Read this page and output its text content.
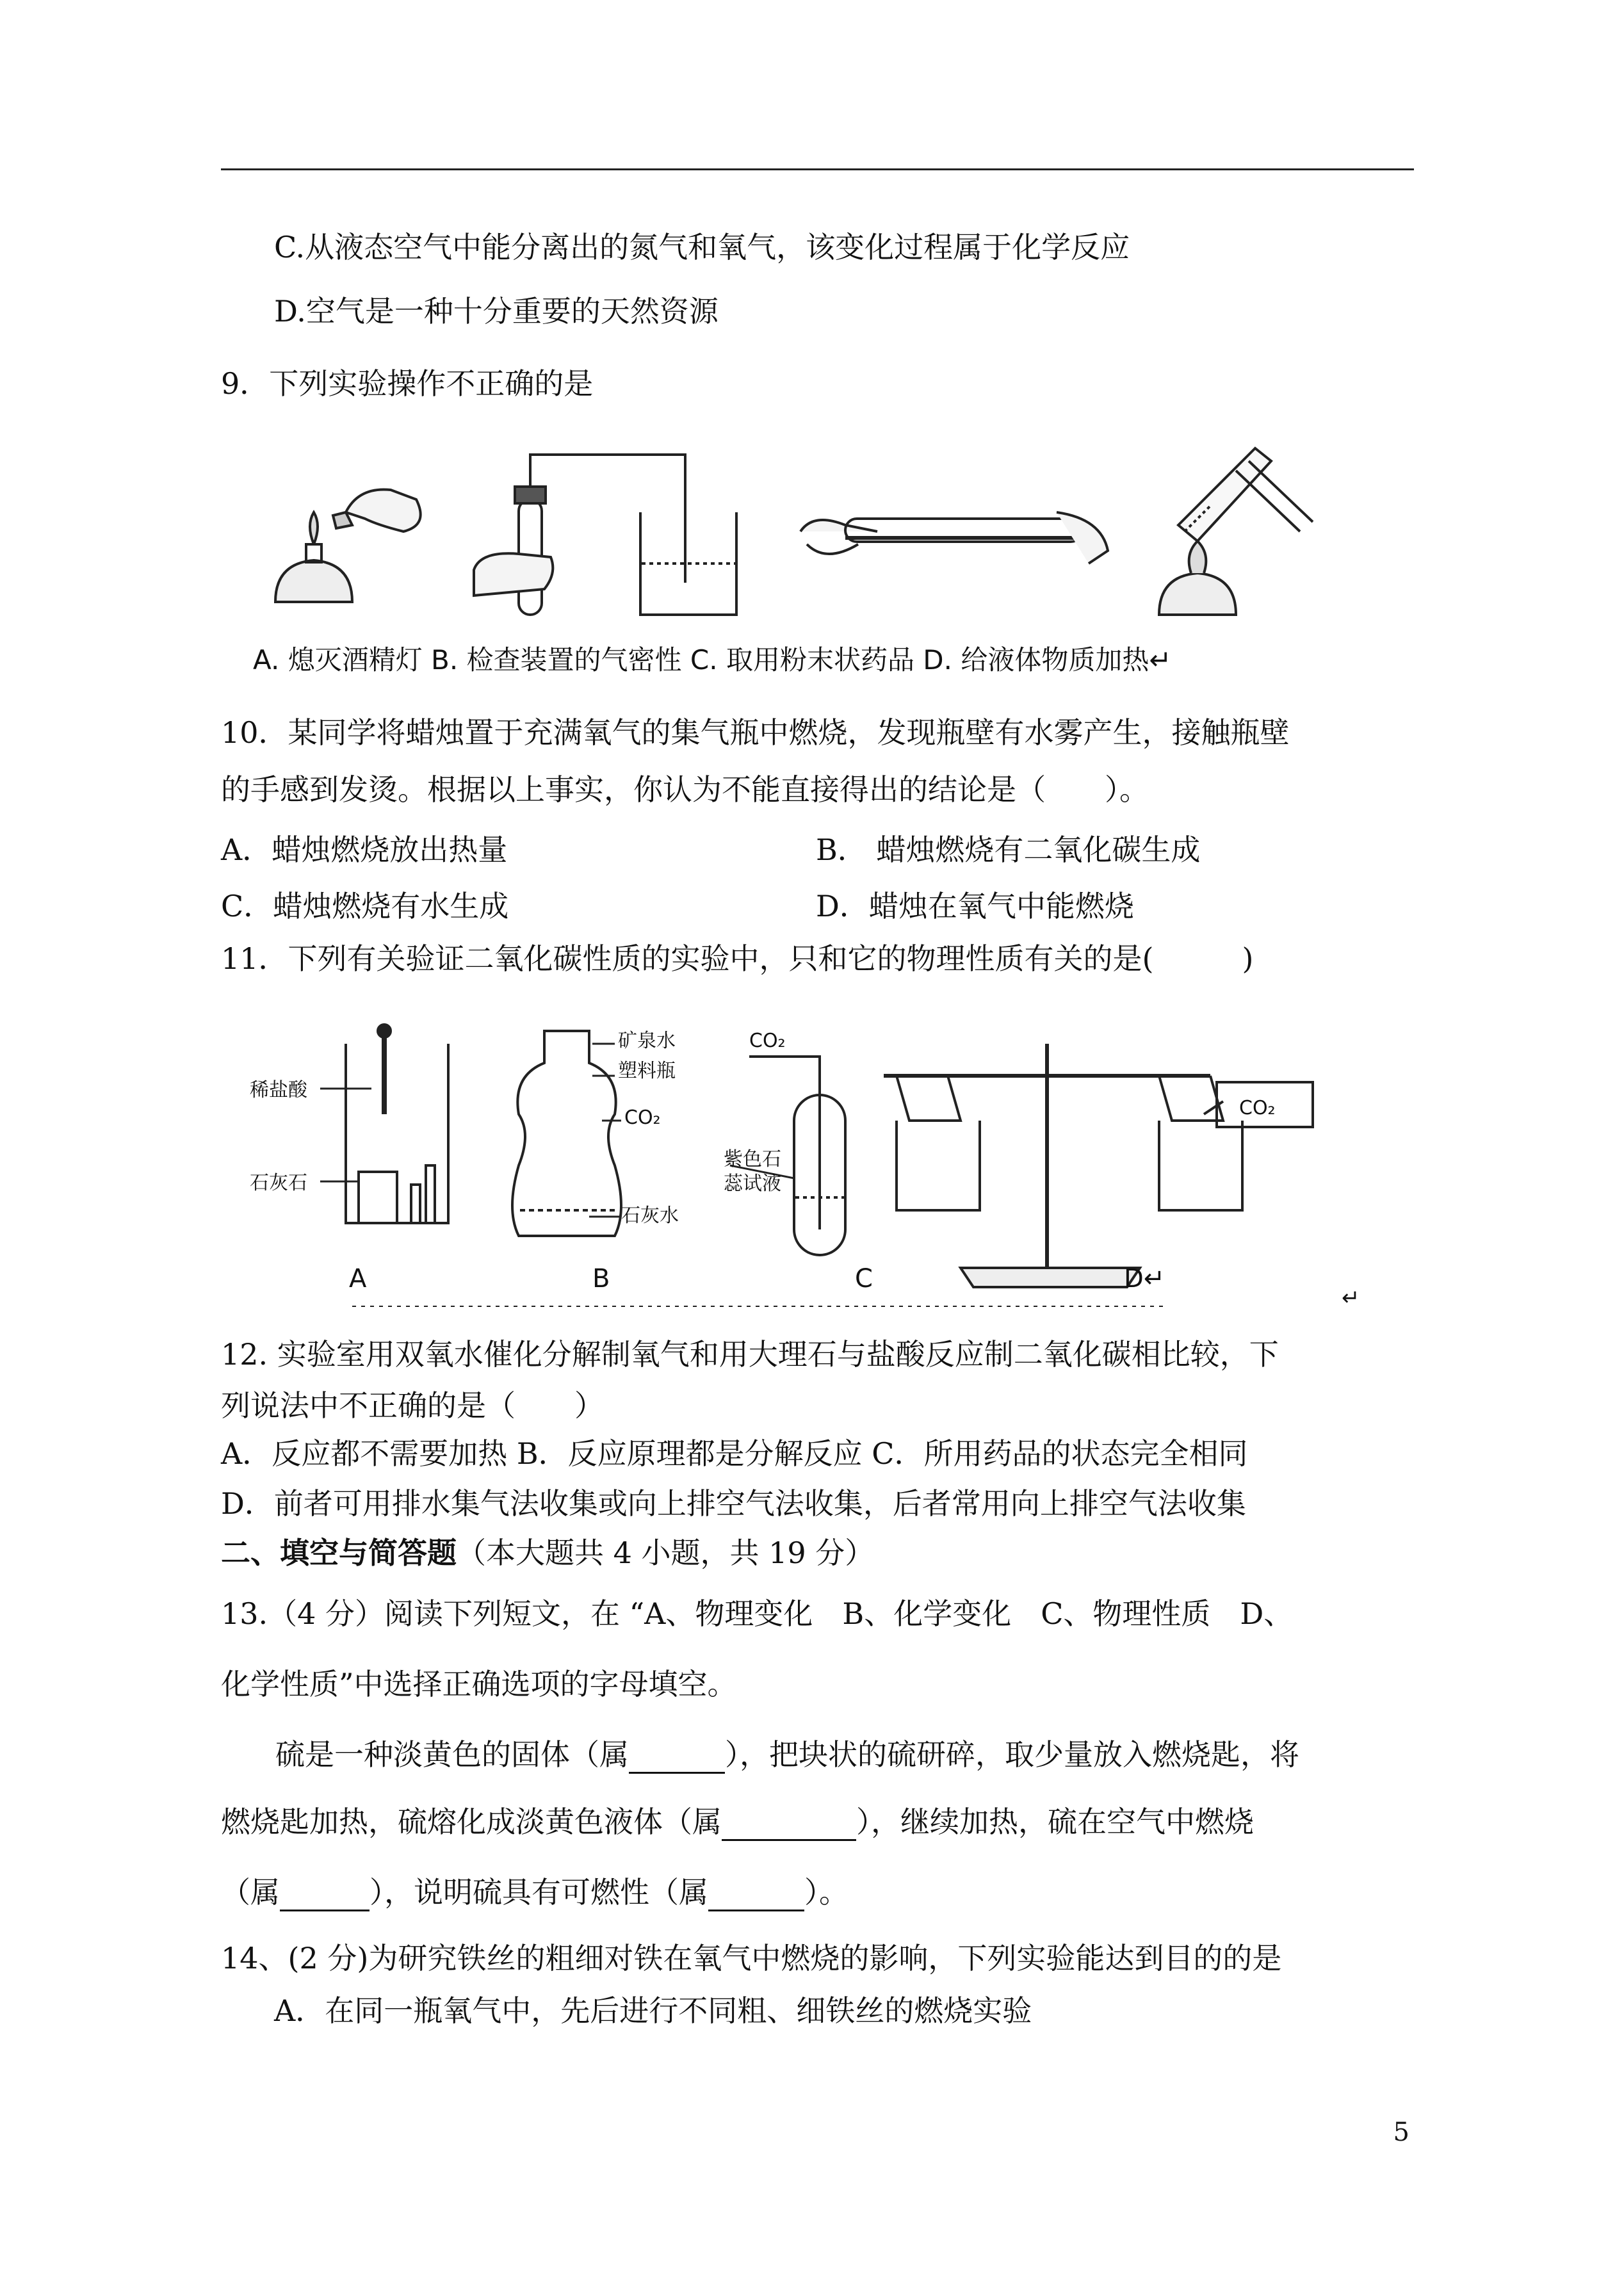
C.从液态空气中能分离出的氮气和氧气，该变化过程属于化学反应
D.空气是一种十分重要的天然资源
9．下列实验操作不正确的是
A. 熄灭酒精灯 B. 检查装置的气密性 C. 取用粉末状药品 D. 给液体物质加热↵
10．某同学将蜡烛置于充满氧气的集气瓶中燃烧，发现瓶壁有水雾产生，接触瓶壁
的手感到发烫。根据以上事实，你认为不能直接得出的结论是（　　）。
A．蜡烛燃烧放出热量	B． 蜡烛燃烧有二氧化碳生成
C．蜡烛燃烧有水生成	D．蜡烛在氧气中能燃烧
11．下列有关验证二氧化碳性质的实验中，只和它的物理性质有关的是(　　　)
稀盐酸
石灰石
矿泉水
塑料瓶
CO₂
石灰水
CO₂
紫色石
蕊试液
CO₂
A	B	C	D↵
↵
12. 实验室用双氧水催化分解制氧气和用大理石与盐酸反应制二氧化碳相比较，下
列说法中不正确的是（　　）
A．反应都不需要加热 B．反应原理都是分解反应 C．所用药品的状态完全相同
D．前者可用排水集气法收集或向上排空气法收集，后者常用向上排空气法收集
二、填空与简答题（本大题共 4 小题，共 19 分）
13.（4 分）阅读下列短文，在 “A、物理变化　B、化学变化　C、物理性质　D、
化学性质”中选择正确选项的字母填空。
硫是一种淡黄色的固体（属	），把块状的硫研碎，取少量放入燃烧匙，将
燃烧匙加热，硫熔化成淡黄色液体（属	），继续加热，硫在空气中燃烧
（属	），说明硫具有可燃性（属	）。
14、(2 分)为研究铁丝的粗细对铁在氧气中燃烧的影响，下列实验能达到目的的是
A．在同一瓶氧气中，先后进行不同粗、细铁丝的燃烧实验
5
